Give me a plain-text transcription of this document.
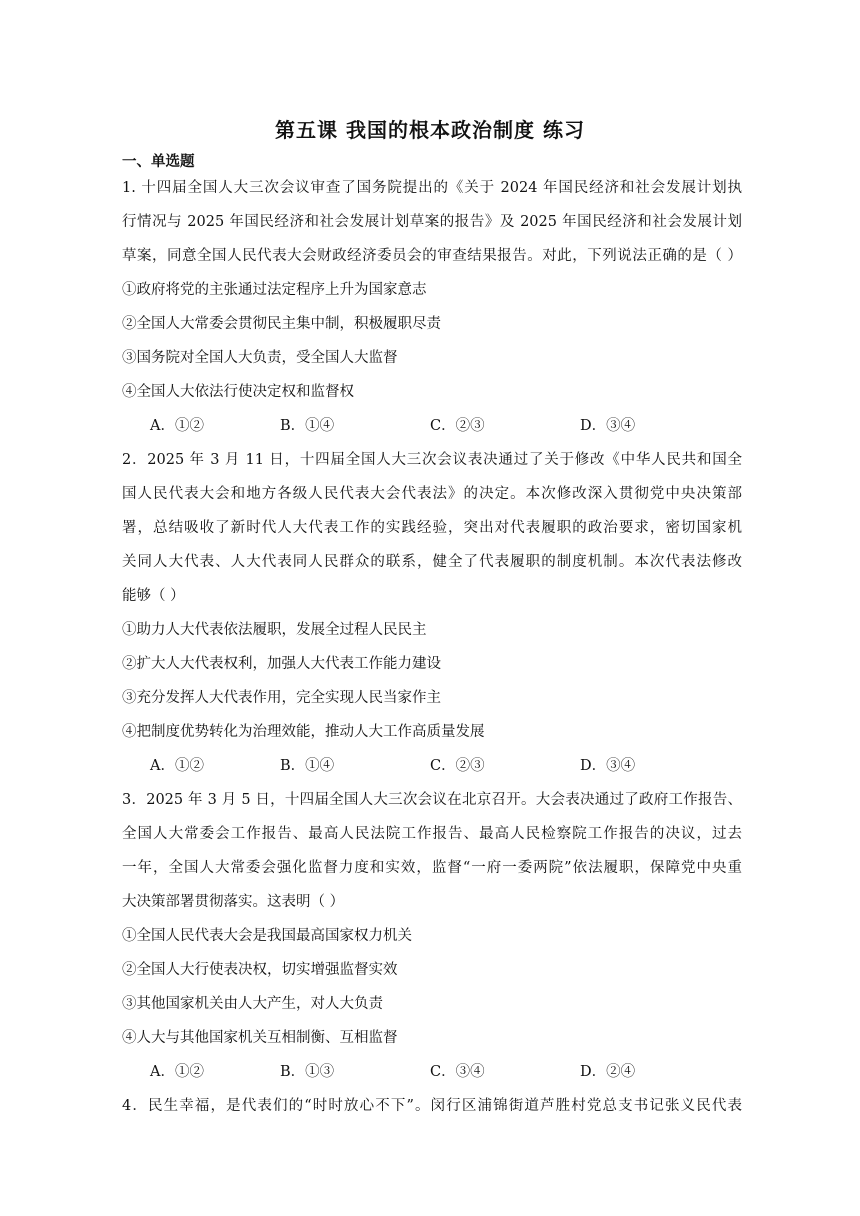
第五课 我国的根本政治制度 练习
一、单选题
1. 十四届全国人大三次会议审查了国务院提出的《关于 2024 年国民经济和社会发展计划执
行情况与 2025 年国民经济和社会发展计划草案的报告》及 2025 年国民经济和社会发展计划
草案，同意全国人民代表大会财政经济委员会的审查结果报告。对此，下列说法正确的是（ ）
①政府将党的主张通过法定程序上升为国家意志
②全国人大常委会贯彻民主集中制，积极履职尽责
③国务院对全国人大负责，受全国人大监督
④全国人大依法行使决定权和监督权
A．①②	B．①④	C．②③	D．③④
2．2025 年 3 月 11 日，十四届全国人大三次会议表决通过了关于修改《中华人民共和国全
国人民代表大会和地方各级人民代表大会代表法》的决定。本次修改深入贯彻党中央决策部
署，总结吸收了新时代人大代表工作的实践经验，突出对代表履职的政治要求，密切国家机
关同人大代表、人大代表同人民群众的联系，健全了代表履职的制度机制。本次代表法修改
能够（ ）
①助力人大代表依法履职，发展全过程人民民主
②扩大人大代表权利，加强人大代表工作能力建设
③充分发挥人大代表作用，完全实现人民当家作主
④把制度优势转化为治理效能，推动人大工作高质量发展
A．①②	B．①④	C．②③	D．③④
3．2025 年 3 月 5 日，十四届全国人大三次会议在北京召开。大会表决通过了政府工作报告、
全国人大常委会工作报告、最高人民法院工作报告、最高人民检察院工作报告的决议，过去
一年，全国人大常委会强化监督力度和实效，监督“一府一委两院”依法履职，保障党中央重
大决策部署贯彻落实。这表明（ ）
①全国人民代表大会是我国最高国家权力机关
②全国人大行使表决权，切实增强监督实效
③其他国家机关由人大产生，对人大负责
④人大与其他国家机关互相制衡、互相监督
A．①②	B．①③	C．③④	D．②④
4．民生幸福，是代表们的“时时放心不下”。闵行区浦锦街道芦胜村党总支书记张义民代表
